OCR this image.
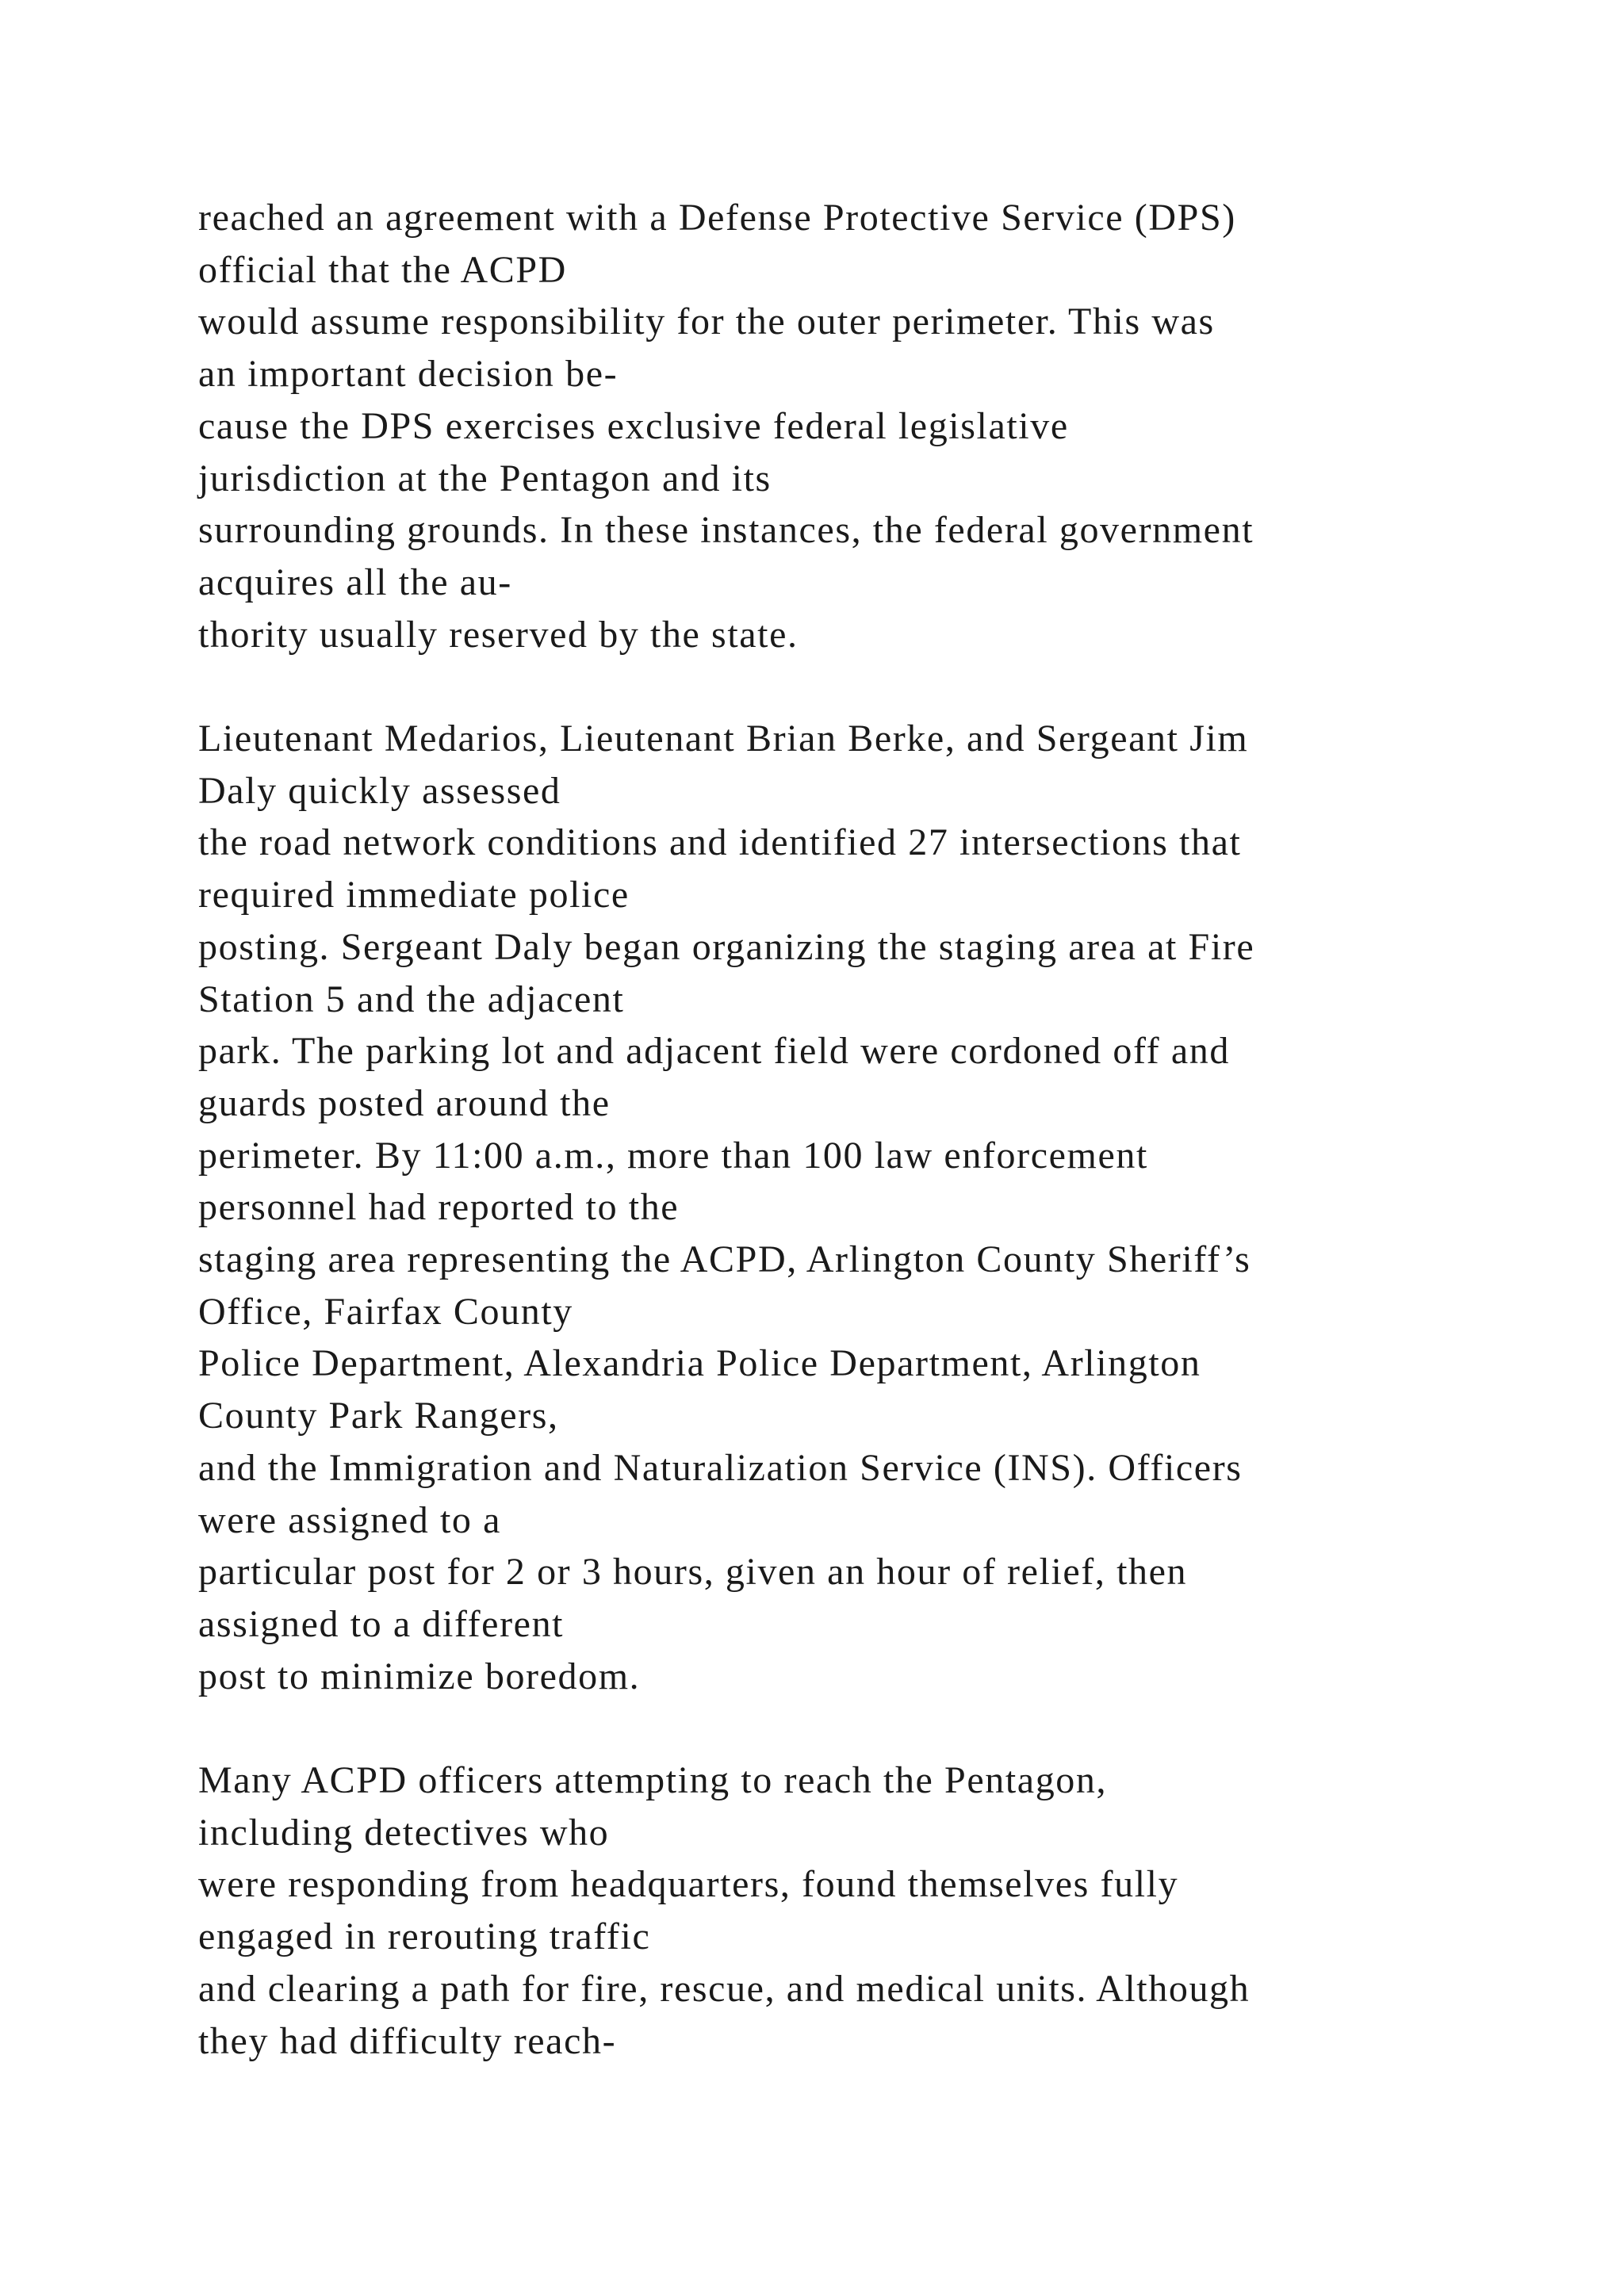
reached an agreement with a Defense Protective Service (DPS)
official that the ACPD
would assume responsibility for the outer perimeter. This was
an important decision be-
cause the DPS exercises exclusive federal legislative
jurisdiction at the Pentagon and its
surrounding grounds. In these instances, the federal government
acquires all the au-
thority usually reserved by the state.

Lieutenant Medarios, Lieutenant Brian Berke, and Sergeant Jim
Daly quickly assessed
the road network conditions and identified 27 intersections that
required immediate police
posting. Sergeant Daly began organizing the staging area at Fire
Station 5 and the adjacent
park. The parking lot and adjacent field were cordoned off and
guards posted around the
perimeter. By 11:00 a.m., more than 100 law enforcement
personnel had reported to the
staging area representing the ACPD, Arlington County Sheriff’s
Office, Fairfax County
Police Department, Alexandria Police Department, Arlington
County Park Rangers,
and the Immigration and Naturalization Service (INS). Officers
were assigned to a
particular post for 2 or 3 hours, given an hour of relief, then
assigned to a different
post to minimize boredom.

Many ACPD officers attempting to reach the Pentagon,
including detectives who
were responding from headquarters, found themselves fully
engaged in rerouting traffic
and clearing a path for fire, rescue, and medical units. Although
they had difficulty reach-
